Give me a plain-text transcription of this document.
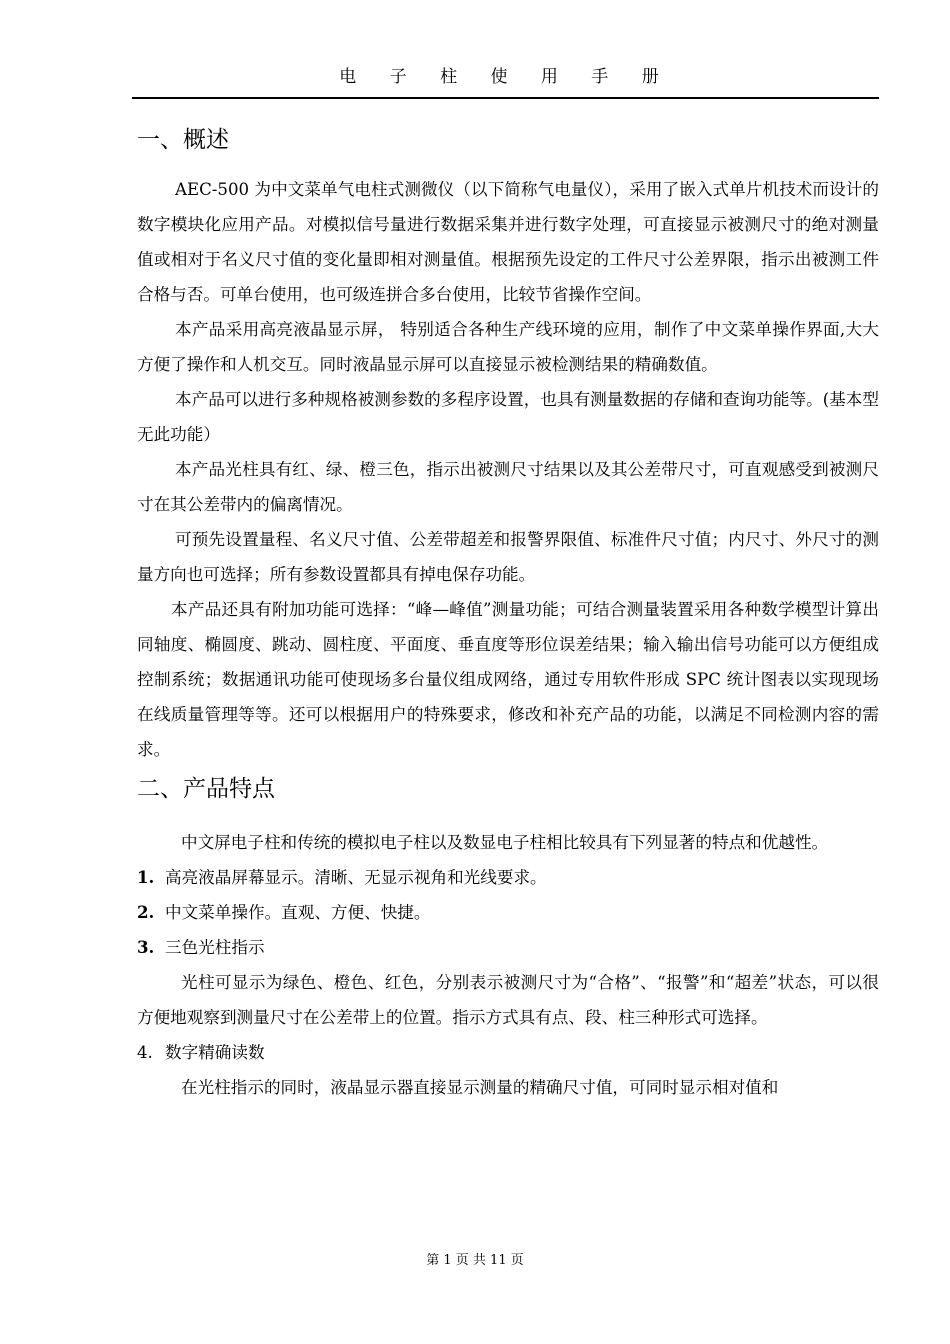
电 子 柱 使 用 手 册
一、概述

AEC-500 为中文菜单气电柱式测微仪（以下简称气电量仪），采用了嵌入式单片机技术而设计的数字模块化应用产品。对模拟信号量进行数据采集并进行数字处理，可直接显示被测尺寸的绝对测量值或相对于名义尺寸值的变化量即相对测量值。根据预先设定的工件尺寸公差界限，指示出被测工件合格与否。可单台使用，也可级连拼合多台使用，比较节省操作空间。

本产品采用高亮液晶显示屏， 特别适合各种生产线环境的应用，制作了中文菜单操作界面,大大方便了操作和人机交互。同时液晶显示屏可以直接显示被检测结果的精确数值。

本产品可以进行多种规格被测参数的多程序设置，也具有测量数据的存储和查询功能等。(基本型无此功能）

本产品光柱具有红、绿、橙三色，指示出被测尺寸结果以及其公差带尺寸，可直观感受到被测尺寸在其公差带内的偏离情况。

可预先设置量程、名义尺寸值、公差带超差和报警界限值、标准件尺寸值；内尺寸、外尺寸的测量方向也可选择；所有参数设置都具有掉电保存功能。

本产品还具有附加功能可选择：“峰—峰值”测量功能；可结合测量装置采用各种数学模型计算出同轴度、椭圆度、跳动、圆柱度、平面度、垂直度等形位误差结果；输入输出信号功能可以方便组成控制系统；数据通讯功能可使现场多台量仪组成网络，通过专用软件形成 SPC 统计图表以实现现场在线质量管理等等。还可以根据用户的特殊要求，修改和补充产品的功能，以满足不同检测内容的需求。

二、产品特点

中文屏电子柱和传统的模拟电子柱以及数显电子柱相比较具有下列显著的特点和优越性。

1. 高亮液晶屏幕显示。清晰、无显示视角和光线要求。
2. 中文菜单操作。直观、方便、快捷。
3. 三色光柱指示

光柱可显示为绿色、橙色、红色，分别表示被测尺寸为“合格”、“报警”和“超差”状态，可以很方便地观察到测量尺寸在公差带上的位置。指示方式具有点、段、柱三种形式可选择。

4. 数字精确读数

在光柱指示的同时，液晶显示器直接显示测量的精确尺寸值，可同时显示相对值和

第 1 页 共 11 页
